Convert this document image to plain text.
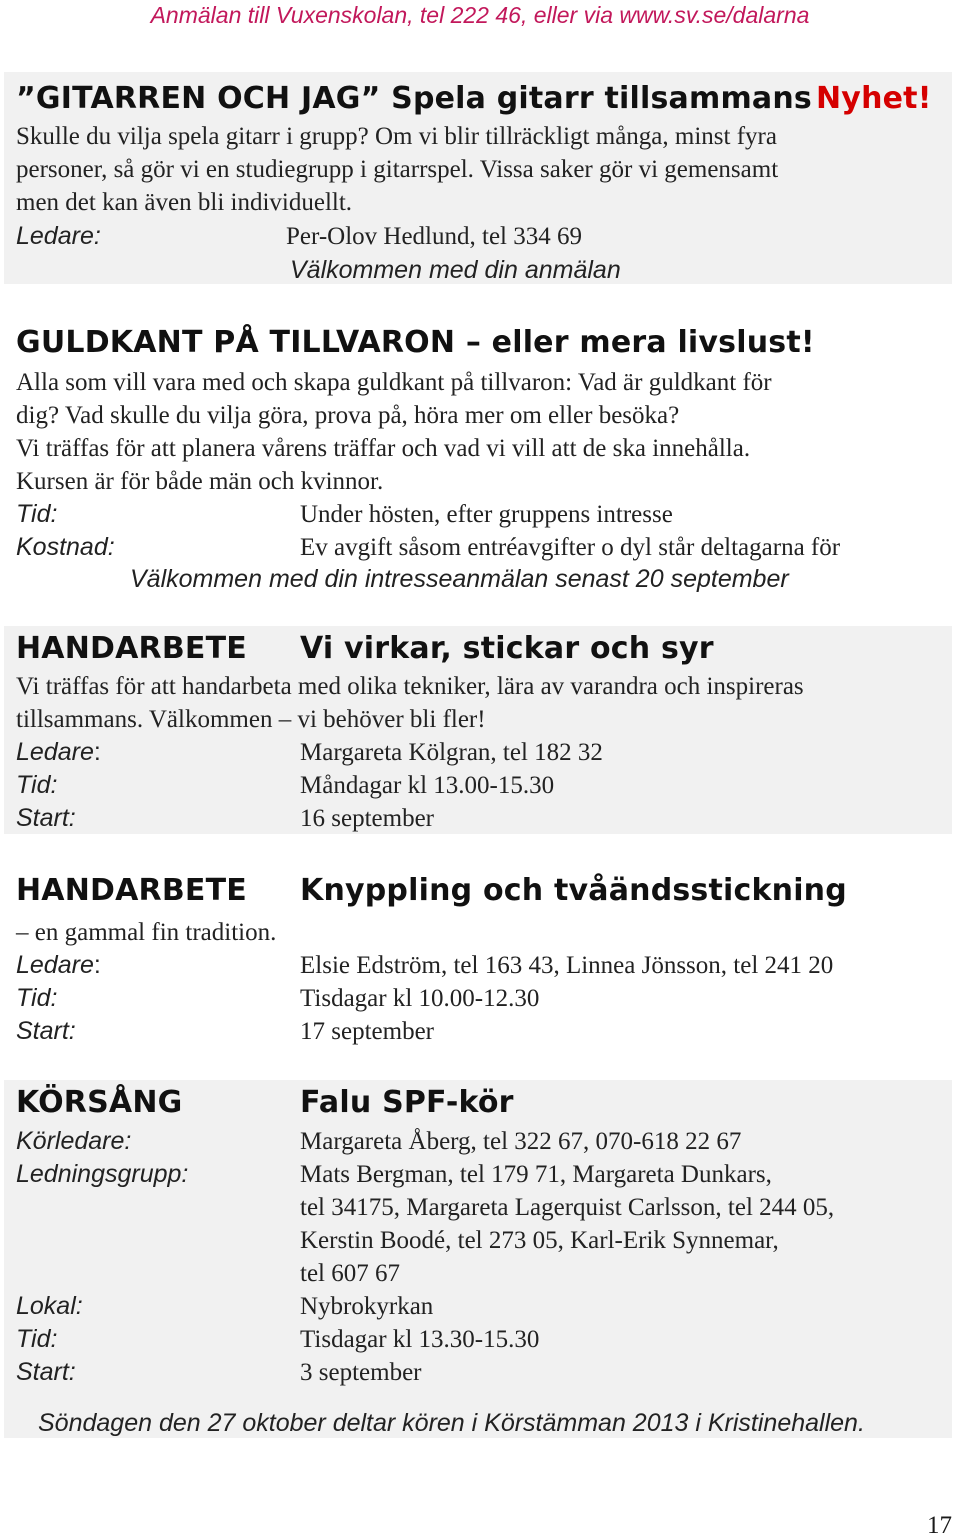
Anmälan till Vuxenskolan, tel 222 46, eller via www.sv.se/dalarna
”GITARREN OCH JAG” Spela gitarr tillsammans Nyhet!
Skulle du vilja spela gitarr i grupp? Om vi blir tillräckligt många, minst fyra
personer, så gör vi en studiegrupp i gitarrspel. Vissa saker gör vi gemensamt
men det kan även bli individuellt.
Ledare:	Per-Olov Hedlund, tel 334 69
Välkommen med din anmälan
GULDKANT PÅ TILLVARON – eller mera livslust!
Alla som vill vara med och skapa guldkant på tillvaron: Vad är guldkant för
dig? Vad skulle du vilja göra, prova på, höra mer om eller besöka?
Vi träffas för att planera vårens träffar och vad vi vill att de ska innehålla.
Kursen är för både män och kvinnor.
Tid:	Under hösten, efter gruppens intresse
Kostnad:	Ev avgift såsom entréavgifter o dyl står deltagarna för
Välkommen med din intresseanmälan senast 20 september
HANDARBETE Vi virkar, stickar och syr
Vi träffas för att handarbeta med olika tekniker, lära av varandra och inspireras
tillsammans. Välkommen – vi behöver bli fler!
Ledare:	Margareta Kölgran, tel 182 32
Tid:	Måndagar kl 13.00-15.30
Start:	16 september
HANDARBETE Knyppling och tvåändsstickning
– en gammal fin tradition.
Ledare:	Elsie Edström, tel 163 43, Linnea Jönsson, tel 241 20
Tid:	Tisdagar kl 10.00-12.30
Start:	17 september
KÖRSÅNG	Falu SPF-kör
Körledare:	Margareta Åberg, tel 322 67, 070-618 22 67
Ledningsgrupp:	Mats Bergman, tel 179 71, Margareta Dunkars,
tel 34175, Margareta Lagerquist Carlsson, tel 244 05,
Kerstin Boodé, tel 273 05, Karl-Erik Synnemar,
tel 607 67
Lokal:	Nybrokyrkan
Tid:	Tisdagar kl 13.30-15.30
Start:	3 september
Söndagen den 27 oktober deltar kören i Körstämman 2013 i Kristinehallen.
17
